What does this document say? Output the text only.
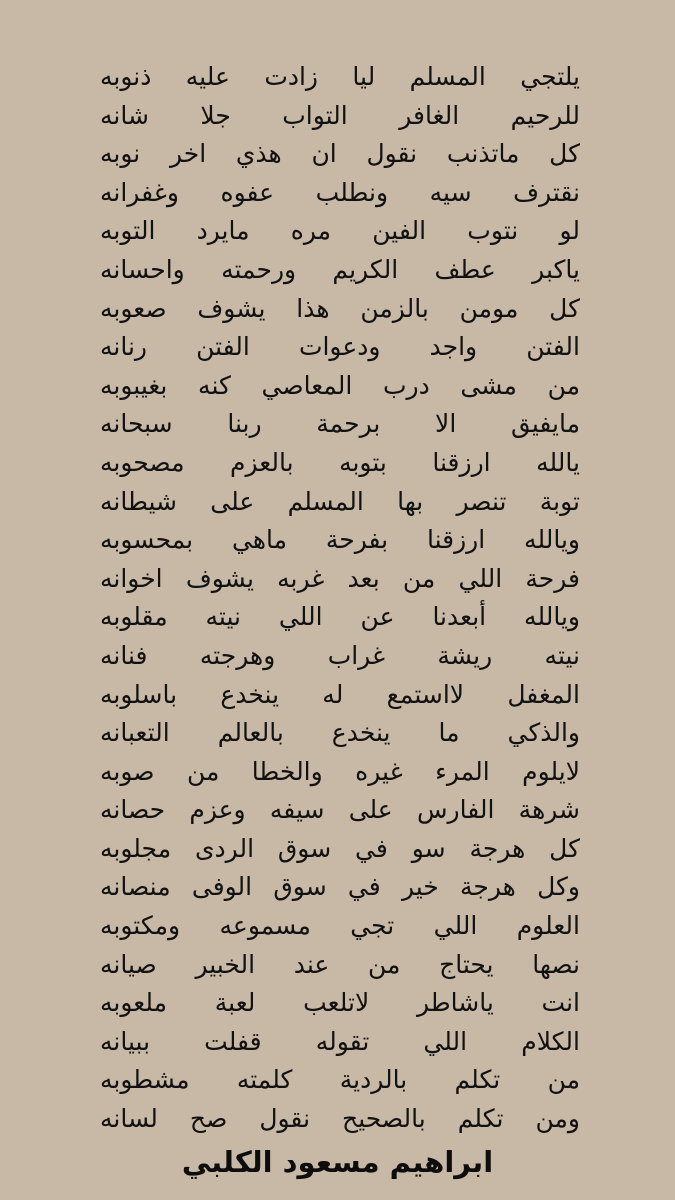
يلتجي المسلم ليا زادت عليه ذنوبه
للرحيم الغافر التواب جلا شانه
كل ماتذنب نقول ان هذي اخر نوبه
نقترف سيه ونطلب عفوه وغفرانه
لو نتوب الفين مره مايرد التوبه
ياكبر عطف الكريم ورحمته واحسانه
كل مومن بالزمن هذا يشوف صعوبه
الفتن واجد ودعوات الفتن رنانه
من مشى درب المعاصي كنه بغيبوبه
مايفيق الا برحمة ربنا سبحانه
يالله ارزقنا بتوبه بالعزم مصحوبه
توبة تنصر بها المسلم على شيطانه
ويالله ارزقنا بفرحة ماهي بمحسوبه
فرحة اللي من بعد غربه يشوف اخوانه
ويالله أبعدنا عن اللي نيته مقلوبه
نيته ريشة غراب وهرجته فنانه
المغفل لااستمع له ينخدع باسلوبه
والذكي ما ينخدع بالعالم التعبانه
لايلوم المرء غيره والخطا من صوبه
شرهة الفارس على سيفه وعزم حصانه
كل هرجة سو في سوق الردى مجلوبه
وكل هرجة خير في سوق الوفى منصانه
العلوم اللي تجي مسموعه ومكتوبه
نصها يحتاج من عند الخبير صيانه
انت ياشاطر لاتلعب لعبة ملعوبه
الكلام اللي تقوله قفلت ببيانه
من تكلم بالردية كلمته مشطوبه
ومن تكلم بالصحيح نقول صح لسانه
ابراهيم مسعود الكلبي
